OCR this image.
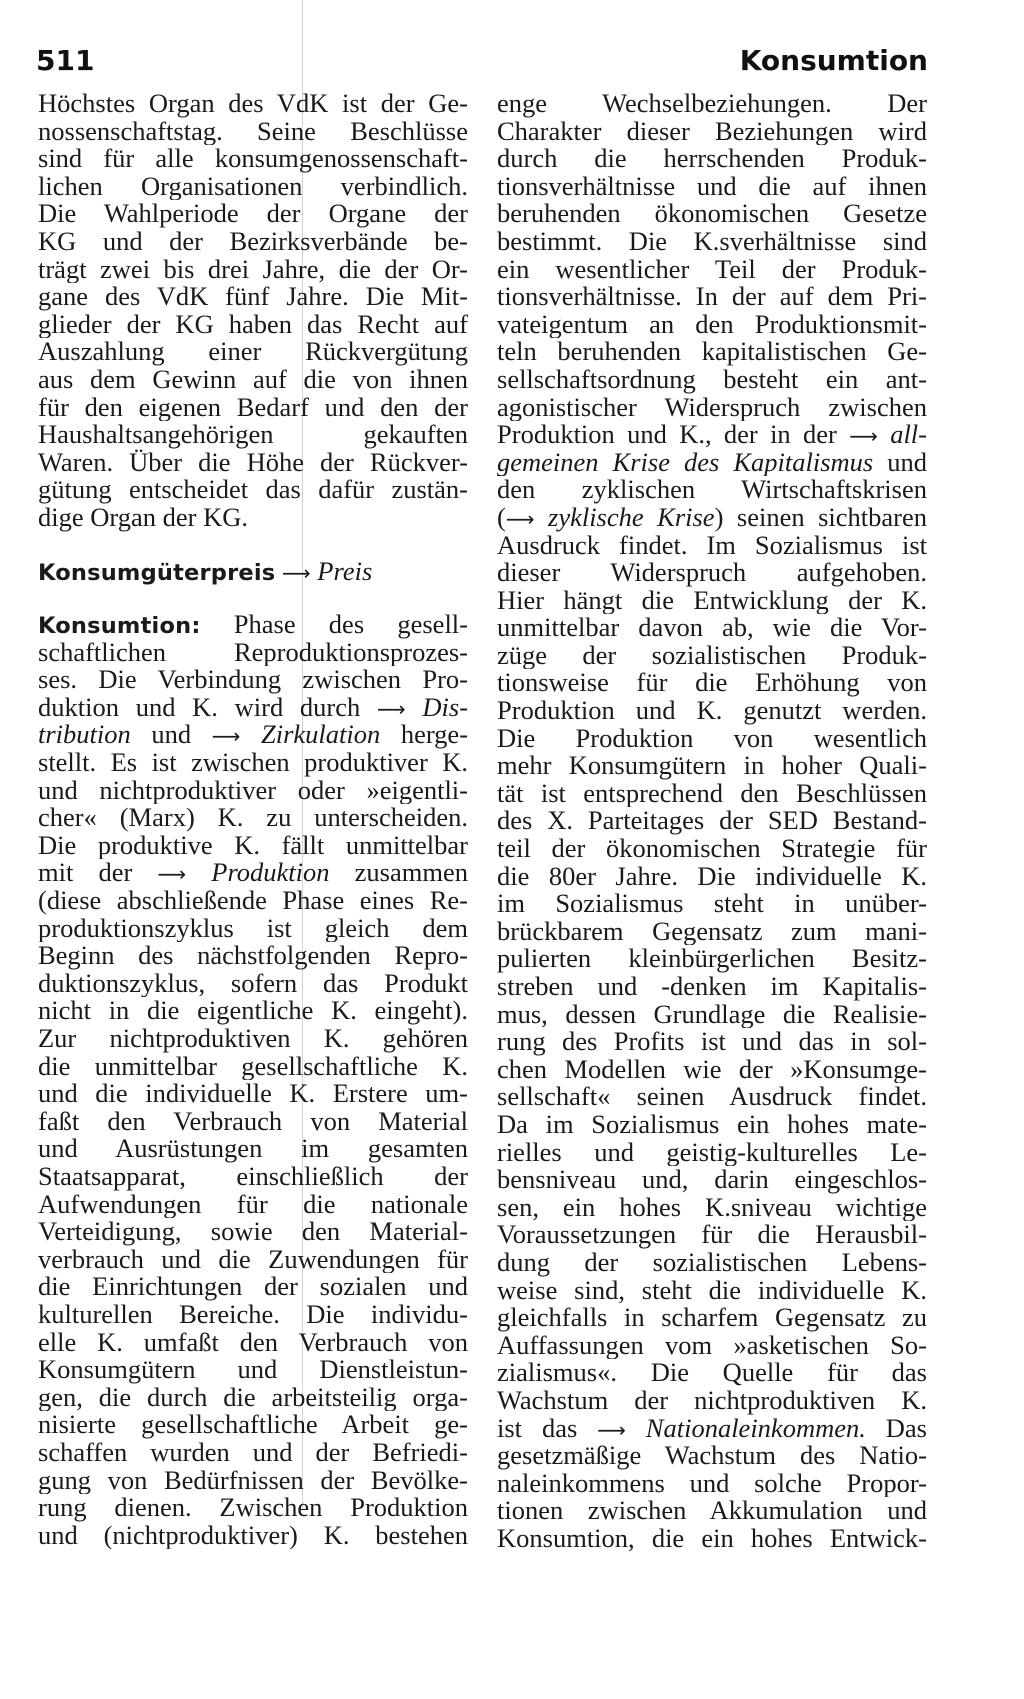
511	Konsumtion
Höchstes Organ des VdK ist der Ge-
nossenschaftstag. Seine Beschlüsse
sind für alle konsumgenossenschaft-
lichen Organisationen verbindlich.
Die Wahlperiode der Organe der
KG und der Bezirksverbände be-
trägt zwei bis drei Jahre, die der Or-
gane des VdK fünf Jahre. Die Mit-
glieder der KG haben das Recht auf
Auszahlung einer Rückvergütung
aus dem Gewinn auf die von ihnen
für den eigenen Bedarf und den der
Haushaltsangehörigen gekauften
Waren. Über die Höhe der Rückver-
gütung entscheidet das dafür zustän-
dige Organ der KG.
Konsumgüterpreis ⟶ Preis
Konsumtion: Phase des gesell-
schaftlichen Reproduktionsprozes-
ses. Die Verbindung zwischen Pro-
duktion und K. wird durch ⟶ Dis-
tribution und ⟶ Zirkulation herge-
stellt. Es ist zwischen produktiver K.
und nichtproduktiver oder »eigentli-
cher« (Marx) K. zu unterscheiden.
Die produktive K. fällt unmittelbar
mit der ⟶ Produktion zusammen
(diese abschließende Phase eines Re-
produktionszyklus ist gleich dem
Beginn des nächstfolgenden Repro-
duktionszyklus, sofern das Produkt
nicht in die eigentliche K. eingeht).
Zur nichtproduktiven K. gehören
die unmittelbar gesellschaftliche K.
und die individuelle K. Erstere um-
faßt den Verbrauch von Material
und Ausrüstungen im gesamten
Staatsapparat, einschließlich der
Aufwendungen für die nationale
Verteidigung, sowie den Material-
verbrauch und die Zuwendungen für
die Einrichtungen der sozialen und
kulturellen Bereiche. Die individu-
elle K. umfaßt den Verbrauch von
Konsumgütern und Dienstleistun-
gen, die durch die arbeitsteilig orga-
nisierte gesellschaftliche Arbeit ge-
schaffen wurden und der Befriedi-
gung von Bedürfnissen der Bevölke-
rung dienen. Zwischen Produktion
und (nichtproduktiver) K. bestehen
enge Wechselbeziehungen. Der
Charakter dieser Beziehungen wird
durch die herrschenden Produk-
tionsverhältnisse und die auf ihnen
beruhenden ökonomischen Gesetze
bestimmt. Die K.sverhältnisse sind
ein wesentlicher Teil der Produk-
tionsverhältnisse. In der auf dem Pri-
vateigentum an den Produktionsmit-
teln beruhenden kapitalistischen Ge-
sellschaftsordnung besteht ein ant-
agonistischer Widerspruch zwischen
Produktion und K., der in der ⟶ all-
gemeinen Krise des Kapitalismus und
den zyklischen Wirtschaftskrisen
(⟶ zyklische Krise) seinen sichtbaren
Ausdruck findet. Im Sozialismus ist
dieser Widerspruch aufgehoben.
Hier hängt die Entwicklung der K.
unmittelbar davon ab, wie die Vor-
züge der sozialistischen Produk-
tionsweise für die Erhöhung von
Produktion und K. genutzt werden.
Die Produktion von wesentlich
mehr Konsumgütern in hoher Quali-
tät ist entsprechend den Beschlüssen
des X. Parteitages der SED Bestand-
teil der ökonomischen Strategie für
die 80er Jahre. Die individuelle K.
im Sozialismus steht in unüber-
brückbarem Gegensatz zum mani-
pulierten kleinbürgerlichen Besitz-
streben und -denken im Kapitalis-
mus, dessen Grundlage die Realisie-
rung des Profits ist und das in sol-
chen Modellen wie der »Konsumge-
sellschaft« seinen Ausdruck findet.
Da im Sozialismus ein hohes mate-
rielles und geistig-kulturelles Le-
bensniveau und, darin eingeschlos-
sen, ein hohes K.sniveau wichtige
Voraussetzungen für die Herausbil-
dung der sozialistischen Lebens-
weise sind, steht die individuelle K.
gleichfalls in scharfem Gegensatz zu
Auffassungen vom »asketischen So-
zialismus«. Die Quelle für das
Wachstum der nichtproduktiven K.
ist das ⟶ Nationaleinkommen. Das
gesetzmäßige Wachstum des Natio-
naleinkommens und solche Propor-
tionen zwischen Akkumulation und
Konsumtion, die ein hohes Entwick-
